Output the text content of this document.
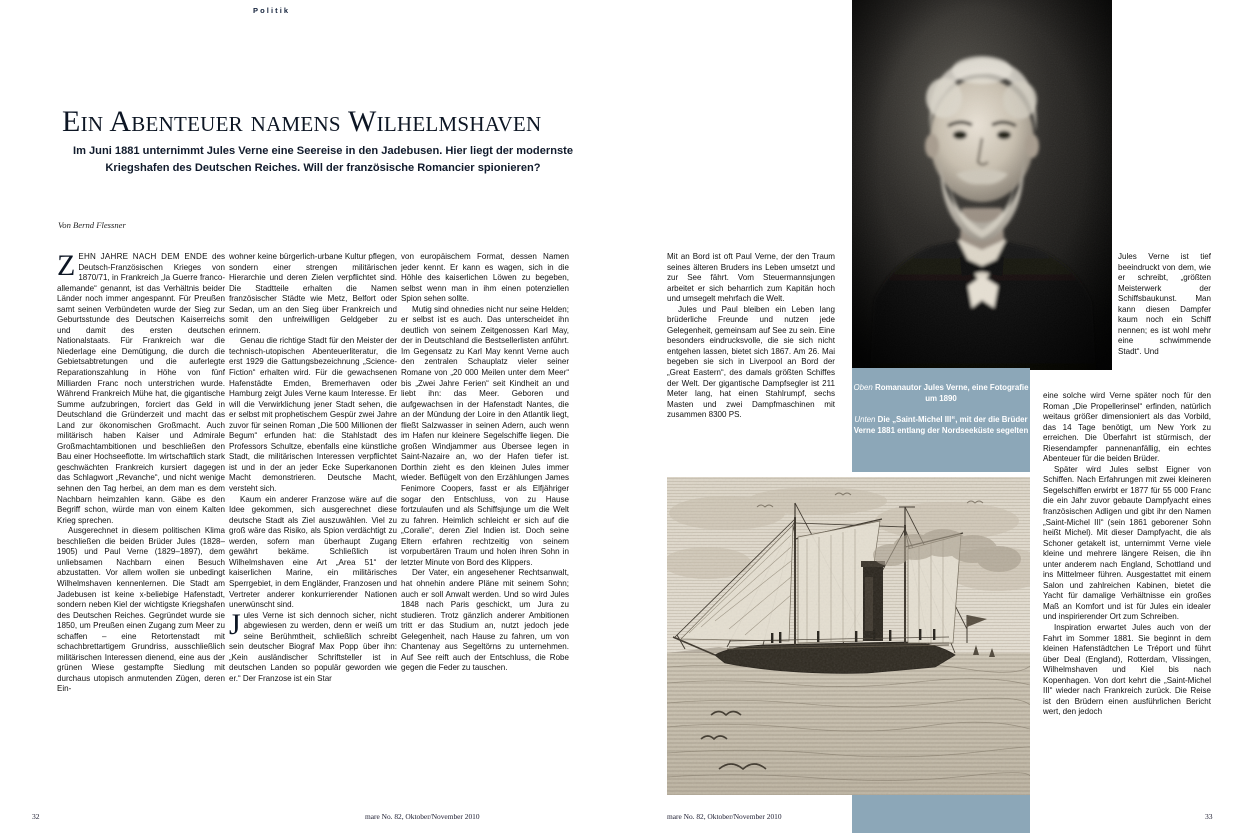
Politik
Ein Abenteuer namens Wilhelmshaven
Im Juni 1881 unternimmt Jules Verne eine Seereise in den Jadebusen. Hier liegt der modernste Kriegshafen des Deutschen Reiches. Will der französische Romancier spionieren?
Von Bernd Flessner

ZEHN JAHRE NACH DEM ENDE des Deutsch-Französischen Krieges von 1870/71, in Frankreich „la Guerre franco-allemande“ genannt, ist das Verhältnis beider Länder noch immer angespannt. Für Preußen samt seinen Verbündeten wurde der Sieg zur Geburtsstunde des Deutschen Kaiserreichs und damit des ersten deutschen Nationalstaats. Für Frankreich war die Niederlage eine Demütigung, die durch die Gebietsabtretungen und die auferlegte Reparationszahlung in Höhe von fünf Milliarden Franc noch unterstrichen wurde. Während Frankreich Mühe hat, die gigantische Summe aufzubringen, forciert das Geld in Deutschland die Gründerzeit und macht das Land zur ökonomischen Großmacht. Auch militärisch haben Kaiser und Admirale Großmachtambitionen und beschließen den Bau einer Hochseeflotte. Im wirtschaftlich stark geschwächten Frankreich kursiert dagegen das Schlagwort „Revanche“, und nicht wenige sehnen den Tag herbei, an dem man es dem Nachbarn heimzahlen kann. Gäbe es den Begriff schon, würde man von einem Kalten Krieg sprechen.

Ausgerechnet in diesem politischen Klima beschließen die beiden Brüder Jules (1828–1905) und Paul Verne (1829–1897), dem unliebsamen Nachbarn einen Besuch abzustatten. Vor allem wollen sie unbedingt Wilhelmshaven kennenlernen. Die Stadt am Jadebusen ist keine x-beliebige Hafenstadt, sondern neben Kiel der wichtigste Kriegshafen des Deutschen Reiches. Gegründet wurde sie 1850, um Preußen einen Zugang zum Meer zu schaffen – eine Retortenstadt mit schachbrettartigem Grundriss, ausschließlich militärischen Interessen dienend, eine aus der grünen Wiese gestampfte Siedlung mit durchaus utopisch anmutenden Zügen, deren Ein-

wohner keine bürgerlich-urbane Kultur pflegen, sondern einer strengen militärischen Hierarchie und deren Zielen verpflichtet sind. Die Stadtteile erhalten die Namen französischer Städte wie Metz, Belfort oder Sedan, um an den Sieg über Frankreich und somit den unfreiwilligen Geldgeber zu erinnern.

Genau die richtige Stadt für den Meister der technisch-utopischen Abenteuerliteratur, die erst 1929 die Gattungsbezeichnung „Science-Fiction“ erhalten wird. Für die gewachsenen Hafenstädte Emden, Bremerhaven oder Hamburg zeigt Jules Verne kaum Interesse. Er will die Verwirklichung jener Stadt sehen, die er selbst mit prophetischem Gespür zwei Jahre zuvor für seinen Roman „Die 500 Millionen der Begum“ erfunden hat: die Stahlstadt des Professors Schultze, ebenfalls eine künstliche Stadt, die militärischen Interessen verpflichtet ist und in der an jeder Ecke Superkanonen Macht demonstrieren. Deutsche Macht, versteht sich.

Kaum ein anderer Franzose wäre auf die Idee gekommen, sich ausgerechnet diese deutsche Stadt als Ziel auszuwählen. Viel zu groß wäre das Risiko, als Spion verdächtigt zu werden, sofern man überhaupt Zugang gewährt bekäme. Schließlich ist Wilhelmshaven eine Art „Area 51“ der kaiserlichen Marine, ein militärisches Sperrgebiet, in dem Engländer, Franzosen und Vertreter anderer konkurrierender Nationen unerwünscht sind.

Jules Verne ist sich dennoch sicher, nicht abgewiesen zu werden, denn er weiß um seine Berühmtheit, schließlich schreibt sein deutscher Biograf Max Popp über ihn: „Kein ausländischer Schriftsteller ist in deutschen Landen so populär geworden wie er.“ Der Franzose ist ein Star

von europäischem Format, dessen Namen jeder kennt. Er kann es wagen, sich in die Höhle des kaiserlichen Löwen zu begeben, selbst wenn man in ihm einen potenziellen Spion sehen sollte.

Mutig sind ohnedies nicht nur seine Helden; er selbst ist es auch. Das unterscheidet ihn deutlich von seinem Zeitgenossen Karl May, der in Deutschland die Bestsellerlisten anführt. Im Gegensatz zu Karl May kennt Verne auch den zentralen Schauplatz vieler seiner Romane von „20 000 Meilen unter dem Meer“ bis „Zwei Jahre Ferien“ seit Kindheit an und liebt ihn: das Meer. Geboren und aufgewachsen in der Hafenstadt Nantes, die an der Mündung der Loire in den Atlantik liegt, fließt Salzwasser in seinen Adern, auch wenn im Hafen nur kleinere Segelschiffe liegen. Die großen Windjammer aus Übersee legen in Saint-Nazaire an, wo der Hafen tiefer ist. Dorthin zieht es den kleinen Jules immer wieder. Beflügelt von den Erzählungen James Fenimore Coopers, fasst er als Elfjähriger sogar den Entschluss, von zu Hause fortzulaufen und als Schiffsjunge um die Welt zu fahren. Heimlich schleicht er sich auf die „Coralie“, deren Ziel Indien ist. Doch seine Eltern erfahren rechtzeitig von seinem vorpubertären Traum und holen ihren Sohn in letzter Minute von Bord des Klippers.

Der Vater, ein angesehener Rechtsanwalt, hat ohnehin andere Pläne mit seinem Sohn; auch er soll Anwalt werden. Und so wird Jules 1848 nach Paris geschickt, um Jura zu studieren. Trotz gänzlich anderer Ambitionen tritt er das Studium an, nutzt jedoch jede Gelegenheit, nach Hause zu fahren, um von Chantenay aus Segeltörns zu unternehmen. Auf See reift auch der Entschluss, die Robe gegen die Feder zu tauschen.

Mit an Bord ist oft Paul Verne, der den Traum seines älteren Bruders ins Leben umsetzt und zur See fährt. Vom Steuermannsjungen arbeitet er sich beharrlich zum Kapitän hoch und umsegelt mehrfach die Welt.

Jules und Paul bleiben ein Leben lang brüderliche Freunde und nutzen jede Gelegenheit, gemeinsam auf See zu sein. Eine besonders eindrucksvolle, die sie sich nicht entgehen lassen, bietet sich 1867. Am 26. Mai begeben sie sich in Liverpool an Bord der „Great Eastern“, des damals größten Schiffes der Welt. Der gigantische Dampfsegler ist 211 Meter lang, hat einen Stahlrumpf, sechs Masten und zwei Dampfmaschinen mit zusammen 8300 PS.

Jules Verne ist tief beeindruckt von dem, wie er schreibt, „größten Meisterwerk der Schiffsbaukunst. Man kann diesen Dampfer kaum noch ein Schiff nennen; es ist wohl mehr eine schwimmende Stadt“. Und

eine solche wird Verne später noch für den Roman „Die Propellerinsel“ erfinden, natürlich weitaus größer dimensioniert als das Vorbild, das 14 Tage benötigt, um New York zu erreichen. Die Überfahrt ist stürmisch, der Riesendampfer pannenanfällig, ein echtes Abenteuer für die beiden Brüder.

Später wird Jules selbst Eigner von Schiffen. Nach Erfahrungen mit zwei kleineren Segelschiffen erwirbt er 1877 für 55 000 Franc die ein Jahr zuvor gebaute Dampfyacht eines französischen Adligen und gibt ihr den Namen „Saint-Michel III“ (sein 1861 geborener Sohn heißt Michel). Mit dieser Dampfyacht, die als Schoner getakelt ist, unternimmt Verne viele kleine und mehrere längere Reisen, die ihn unter anderem nach England, Schottland und ins Mittelmeer führen. Ausgestattet mit einem Salon und zahlreichen Kabinen, bietet die Yacht für damalige Verhältnisse ein großes Maß an Komfort und ist für Jules ein idealer und inspirierender Ort zum Schreiben.

Inspiration erwartet Jules auch von der Fahrt im Sommer 1881. Sie beginnt in dem kleinen Hafenstädtchen Le Tréport und führt über Deal (England), Rotterdam, Vlissingen, Wilhelmshaven und Kiel bis nach Kopenhagen. Von dort kehrt die „Saint-Michel III“ wieder nach Frankreich zurück. Die Reise ist den Brüdern einen ausführlichen Bericht wert, den jedoch

Oben Romanautor Jules Verne, eine Fotografie um 1890
Unten Die „Saint-Michel III“, mit der die Brüder Verne 1881 entlang der Nordseeküste segelten
32	mare No. 82, Oktober/November 2010	mare No. 82, Oktober/November 2010	33
